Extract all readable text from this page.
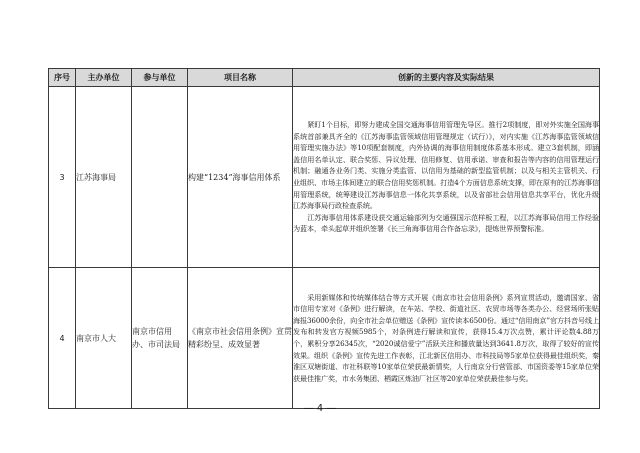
序号	主办单位	参与单位	项目名称	创新的主要内容及实际结果
3	江苏海事局		构建“1234”海事信用体系	紧盯1个目标，即努力建成全国交通海事信用管理先导区。推行2项制度，即对外实施全国海事系统首部兼具齐全的《江苏海事监管领域信用管理规定（试行）》，对内实施《江苏海事监管领域信用管理实施办法》等10项配套制度，内外协调的海事信用制度体系基本形成。建立3套机制，即涵盖信用名单认定、联合奖惩、异议处理、信用修复、信用承诺、审查和报告等内容的信用管理运行机制；融通各业务门类、实施分类监管、以信用为基础的新型监管机制；以及与相关主管机关、行业组织、市场主体间建立的联合信用奖惩机制。打造4个方面信息系统支撑，即在原有的江苏海事信用管理系统，统筹建设江苏海事信息一体化共享系统，以及省部社会信用信息共享平台，优化升级江苏海事局行政检查系统。

江苏海事信用体系建设获交通运输部列为交通强国示范样板工程，以江苏海事局信用工作经验为蓝本，牵头起草并组织签署《长三角海事信用合作备忘录》，提炼世界预警标准。

4	南京市人大	南京市信用办、市司法局	《南京市社会信用条例》宣贯精彩纷呈、成效显著	采用新媒体和传统媒体结合等方式开展《南京市社会信用条例》系列宣贯活动，邀请国家、省市信用专家对《条例》进行解读，在车站、学校、街道社区、农贸市场等各类办公、经营场所张贴海报36000余份，向全市社会单位赠送《条例》宣传读本6500份。通过“信用南京”官方抖音号线上发布和转发官方视频5985个，对条例进行解读和宣传，获得15.4万次点赞，累计评论数4.88万个，累积分享26345次，“2020诚信爱宁”活跃关注和播放量达到3641.8万次，取得了较好的宣传效果。组织《条例》宣传先进工作表彰，江北新区信用办、市科技局等5家单位获得最佳组织奖，秦淮区双塘街道、市社科联等10家单位荣获最新情奖，人行南京分行营管部、市国资委等15家单位荣获最佳推广奖，市水务集团、栖霞区炼油厂社区等20家单位荣获最佳参与奖。

— 4 —
